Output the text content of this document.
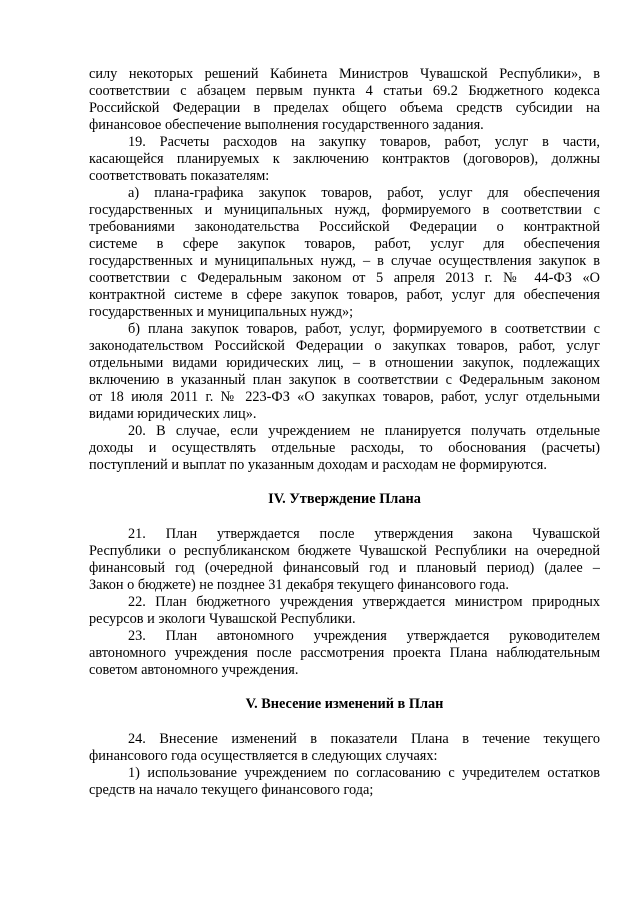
силу некоторых решений Кабинета Министров Чувашской Республики», в
соответствии с абзацем первым пункта 4 статьи 69.2 Бюджетного кодекса
Российской Федерации в пределах общего объема средств субсидии на
финансовое обеспечение выполнения государственного задания.
19. Расчеты расходов на закупку товаров, работ, услуг в части,
касающейся планируемых к заключению контрактов (договоров), должны
соответствовать показателям:
а) плана-графика закупок товаров, работ, услуг для обеспечения
государственных и муниципальных нужд, формируемого в соответствии с
требованиями законодательства Российской Федерации о контрактной
системе в сфере закупок товаров, работ, услуг для обеспечения
государственных и муниципальных нужд, – в случае осуществления закупок в
соответствии с Федеральным законом от 5 апреля 2013 г. № 44-ФЗ «О
контрактной системе в сфере закупок товаров, работ, услуг для обеспечения
государственных и муниципальных нужд»;
б) плана закупок товаров, работ, услуг, формируемого в соответствии с
законодательством Российской Федерации о закупках товаров, работ, услуг
отдельными видами юридических лиц, – в отношении закупок, подлежащих
включению в указанный план закупок в соответствии с Федеральным законом
от 18 июля 2011 г. № 223-ФЗ «О закупках товаров, работ, услуг отдельными
видами юридических лиц».
20. В случае, если учреждением не планируется получать отдельные
доходы и осуществлять отдельные расходы, то обоснования (расчеты)
поступлений и выплат по указанным доходам и расходам не формируются.
21. План утверждается после утверждения закона Чувашской
Республики о республиканском бюджете Чувашской Республики на очередной
финансовый год (очередной финансовый год и плановый период) (далее –
Закон о бюджете) не позднее 31 декабря текущего финансового года.
22. План бюджетного учреждения утверждается министром природных
ресурсов и экологи Чувашской Республики.
23. План автономного учреждения утверждается руководителем
автономного учреждения после рассмотрения проекта Плана наблюдательным
советом автономного учреждения.
24. Внесение изменений в показатели Плана в течение текущего
финансового года осуществляется в следующих случаях:
1) использование учреждением по согласованию с учредителем остатков
средств на начало текущего финансового года;
IV. Утверждение Плана
V. Внесение изменений в План
